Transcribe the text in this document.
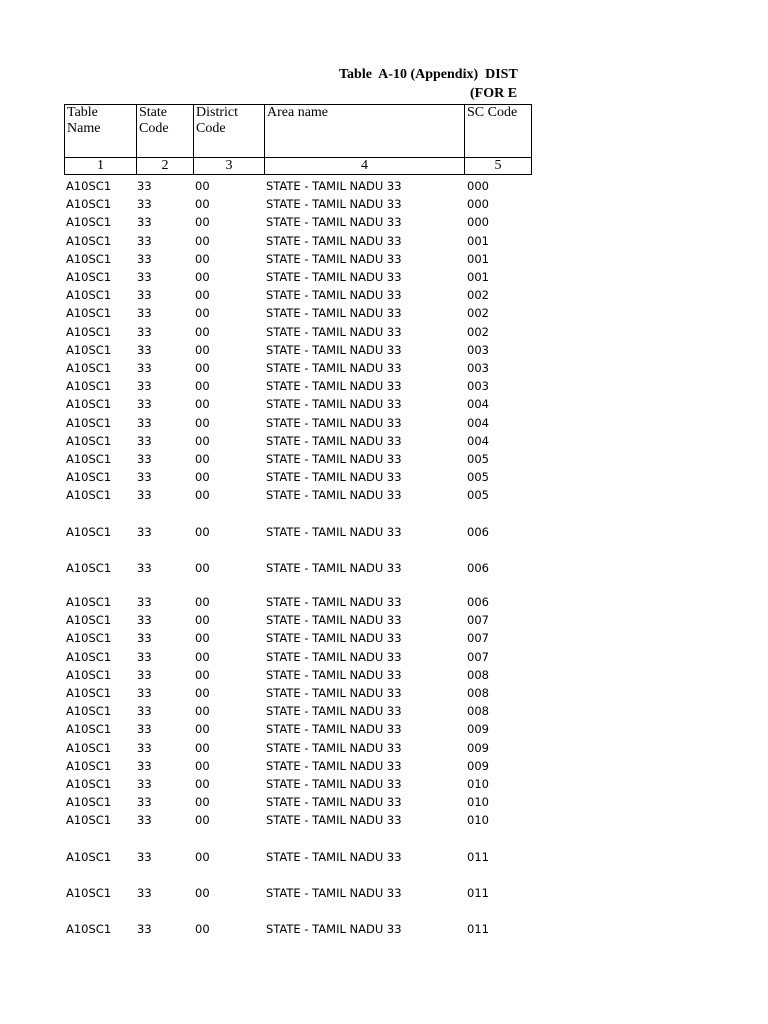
Table  A-10 (Appendix)  DIST
(FOR E
Table Name	State Code	District Code	Area name	SC Code
1	2	3	4	5
A10SC1 33	00	STATE - TAMIL NADU 33	000
A10SC1 33	00	STATE - TAMIL NADU 33	000
A10SC1 33	00	STATE - TAMIL NADU 33	000
A10SC1 33	00	STATE - TAMIL NADU 33	001
A10SC1 33	00	STATE - TAMIL NADU 33	001
A10SC1 33	00	STATE - TAMIL NADU 33	001
A10SC1 33	00	STATE - TAMIL NADU 33	002
A10SC1 33	00	STATE - TAMIL NADU 33	002
A10SC1 33	00	STATE - TAMIL NADU 33	002
A10SC1 33	00	STATE - TAMIL NADU 33	003
A10SC1 33	00	STATE - TAMIL NADU 33	003
A10SC1 33	00	STATE - TAMIL NADU 33	003
A10SC1 33	00	STATE - TAMIL NADU 33	004
A10SC1 33	00	STATE - TAMIL NADU 33	004
A10SC1 33	00	STATE - TAMIL NADU 33	004
A10SC1 33	00	STATE - TAMIL NADU 33	005
A10SC1 33	00	STATE - TAMIL NADU 33	005
A10SC1 33	00	STATE - TAMIL NADU 33	005
A10SC1 33	00	STATE - TAMIL NADU 33	006
A10SC1 33	00	STATE - TAMIL NADU 33	006
A10SC1 33	00	STATE - TAMIL NADU 33	006
A10SC1 33	00	STATE - TAMIL NADU 33	007
A10SC1 33	00	STATE - TAMIL NADU 33	007
A10SC1 33	00	STATE - TAMIL NADU 33	007
A10SC1 33	00	STATE - TAMIL NADU 33	008
A10SC1 33	00	STATE - TAMIL NADU 33	008
A10SC1 33	00	STATE - TAMIL NADU 33	008
A10SC1 33	00	STATE - TAMIL NADU 33	009
A10SC1 33	00	STATE - TAMIL NADU 33	009
A10SC1 33	00	STATE - TAMIL NADU 33	009
A10SC1 33	00	STATE - TAMIL NADU 33	010
A10SC1 33	00	STATE - TAMIL NADU 33	010
A10SC1 33	00	STATE - TAMIL NADU 33	010
A10SC1 33	00	STATE - TAMIL NADU 33	011
A10SC1 33	00	STATE - TAMIL NADU 33	011
A10SC1 33	00	STATE - TAMIL NADU 33	011
